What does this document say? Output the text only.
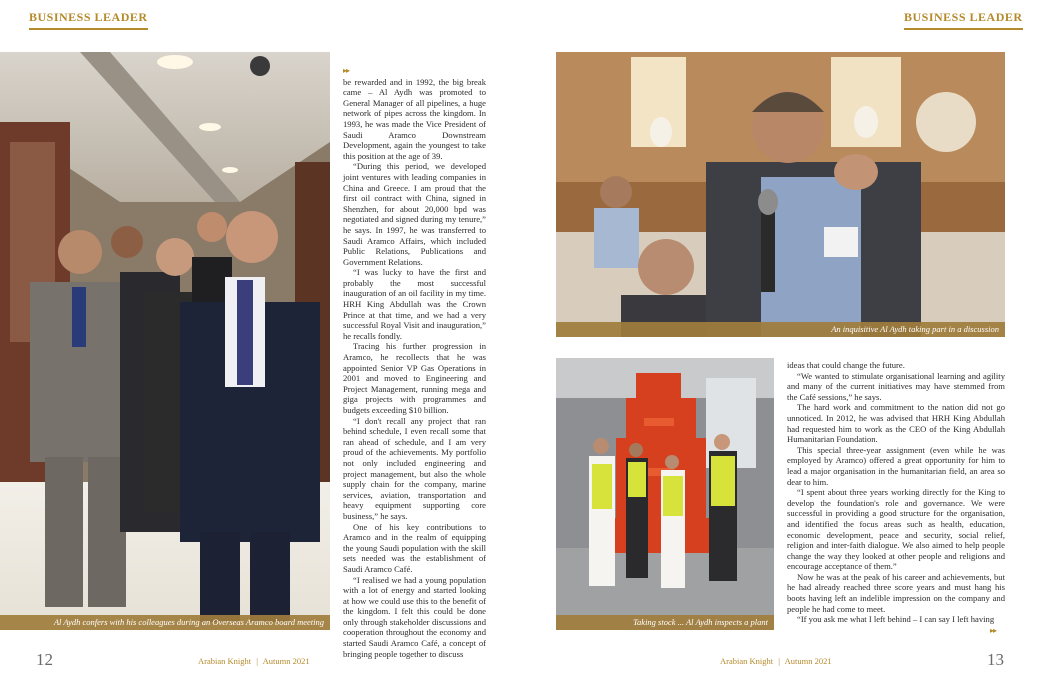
BUSINESS LEADER	BUSINESS LEADER
Al Aydh confers with his colleagues during an Overseas Aramco board meeting
▸▸

be rewarded and in 1992, the big break came – Al Aydh was promoted to General Manager of all pipelines, a huge network of pipes across the kingdom. In 1993, he was made the Vice President of Saudi Aramco Downstream Development, again the youngest to take this position at the age of 39.

“During this period, we developed joint ventures with leading companies in China and Greece. I am proud that the first oil contract with China, signed in Shenzhen, for about 20,000 bpd was negotiated and signed during my tenure,” he says. In 1997, he was transferred to Saudi Aramco Affairs, which included Public Relations, Publications and Government Relations.

“I was lucky to have the first and probably the most successful inauguration of an oil facility in my time. HRH King Abdullah was the Crown Prince at that time, and we had a very successful Royal Visit and inauguration,” he recalls fondly.

Tracing his further progression in Aramco, he recollects that he was appointed Senior VP Gas Operations in 2001 and moved to Engineering and Project Management, running mega and giga projects with programmes and budgets exceeding $10 billion.

“I don't recall any project that ran behind schedule, I even recall some that ran ahead of schedule, and I am very proud of the achievements. My portfolio not only included engineering and project management, but also the whole supply chain for the company, marine services, aviation, transportation and heavy equipment supporting core business,” he says.

One of his key contributions to Aramco and in the realm of equipping the young Saudi population with the skill sets needed was the establishment of Saudi Aramco Café.

“I realised we had a young population with a lot of energy and started looking at how we could use this to the benefit of the kingdom. I felt this could be done only through stakeholder discussions and cooperation throughout the economy and started Saudi Aramco Café, a concept of bringing people together to discuss

An inquisitive Al Aydh taking part in a discussion
Taking stock ... Al Aydh inspects a plant

ideas that could change the future.

“We wanted to stimulate organisational learning and agility and many of the current initiatives may have stemmed from the Café sessions,” he says.

The hard work and commitment to the nation did not go unnoticed. In 2012, he was advised that HRH King Abdullah had requested him to work as the CEO of the King Abdullah Humanitarian Foundation.

This special three-year assignment (even while he was employed by Aramco) offered a great opportunity for him to lead a major organisation in the humanitarian field, an area so dear to him.

“I spent about three years working directly for the King to develop the foundation's role and governance. We were successful in providing a good structure for the organisation, and identified the focus areas such as health, education, economic development, peace and security, social relief, religion and inter-faith dialogue. We also aimed to help people change the way they looked at other people and religions and encourage acceptance of them.”

Now he was at the peak of his career and achievements, but he had already reached three score years and must hang his boots having left an indelible impression on the company and people he had come to meet.

“If you ask me what I left behind – I can say I left having

▸▸
12	Arabian Knight | Autumn 2021	Arabian Knight | Autumn 2021	13
